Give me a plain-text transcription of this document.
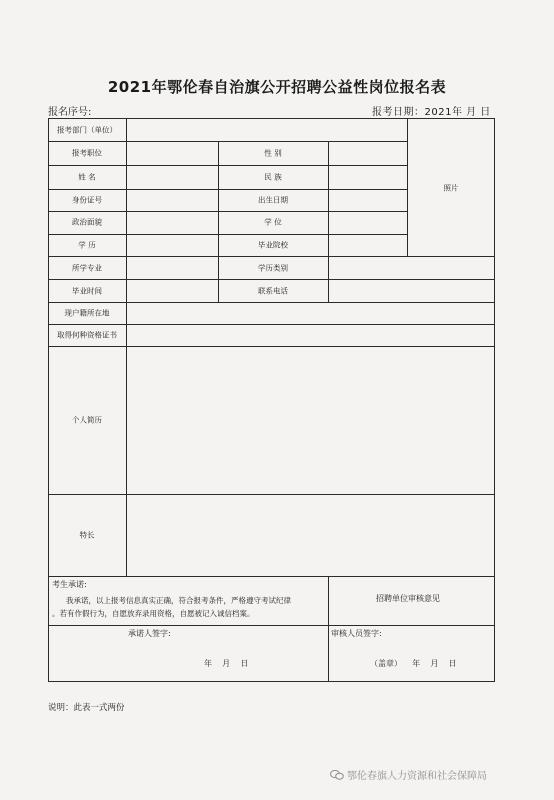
2021年鄂伦春自治旗公开招聘公益性岗位报名表
报名序号:	报考日期：2021年 月 日
报考部门（单位）
报考职位	性 别
姓 名	民 族
照片
身份证号	出生日期
政治面貌	学 位
学 历	毕业院校
所学专业	学历类别
毕业时间	联系电话
现户籍所在地
取得何种资格证书
个人简历
特长
考生承诺:
我承诺，以上报考信息真实正确，符合报考条件，严格遵守考试纪律
。若有作假行为，自愿放弃录用资格，自愿被记入诚信档案。
招聘单位审核意见
承诺人签字:
年    月    日
审核人员签字:
（盖章）    年    月    日
说明：此表一式两份
鄂伦春旗人力资源和社会保障局
